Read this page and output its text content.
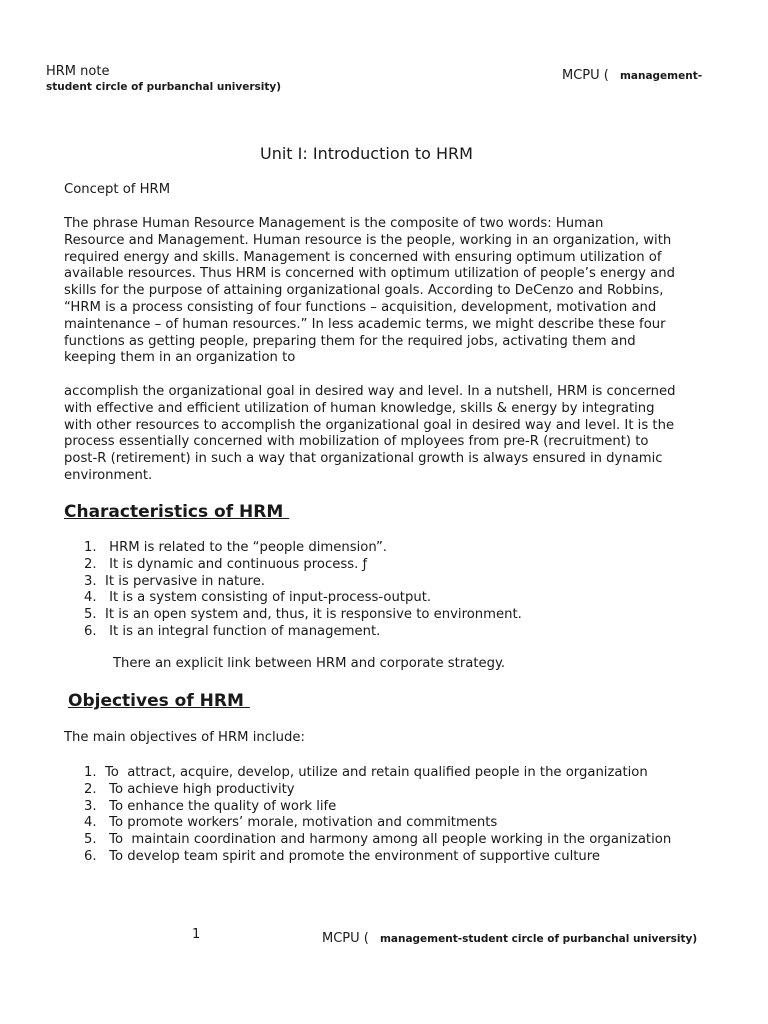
HRM note	MCPU ( management-
student circle of purbanchal university)
Unit I: Introduction to HRM
Concept of HRM
The phrase Human Resource Management is the composite of two words: Human
Resource and Management. Human resource is the people, working in an organization, with
required energy and skills. Management is concerned with ensuring optimum utilization of
available resources. Thus HRM is concerned with optimum utilization of people’s energy and
skills for the purpose of attaining organizational goals. According to DeCenzo and Robbins,
“HRM is a process consisting of four functions – acquisition, development, motivation and
maintenance – of human resources.” In less academic terms, we might describe these four
functions as getting people, preparing them for the required jobs, activating them and
keeping them in an organization to
accomplish the organizational goal in desired way and level. In a nutshell, HRM is concerned
with effective and efficient utilization of human knowledge, skills & energy by integrating
with other resources to accomplish the organizational goal in desired way and level. It is the
process essentially concerned with mobilization of mployees from pre-R (recruitment) to
post-R (retirement) in such a way that organizational growth is always ensured in dynamic
environment.
Characteristics of HRM
1.   HRM is related to the “people dimension”.
2.   It is dynamic and continuous process. ƒ
3.  It is pervasive in nature.
4.   It is a system consisting of input-process-output.
5.  It is an open system and, thus, it is responsive to environment.
6.   It is an integral function of management.
There an explicit link between HRM and corporate strategy.
Objectives of HRM
The main objectives of HRM include:
1.  To  attract, acquire, develop, utilize and retain qualified people in the organization
2.   To achieve high productivity
3.   To enhance the quality of work life
4.   To promote workers’ morale, motivation and commitments
5.   To  maintain coordination and harmony among all people working in the organization
6.   To develop team spirit and promote the environment of supportive culture
1	MCPU ( management-student circle of purbanchal university)
